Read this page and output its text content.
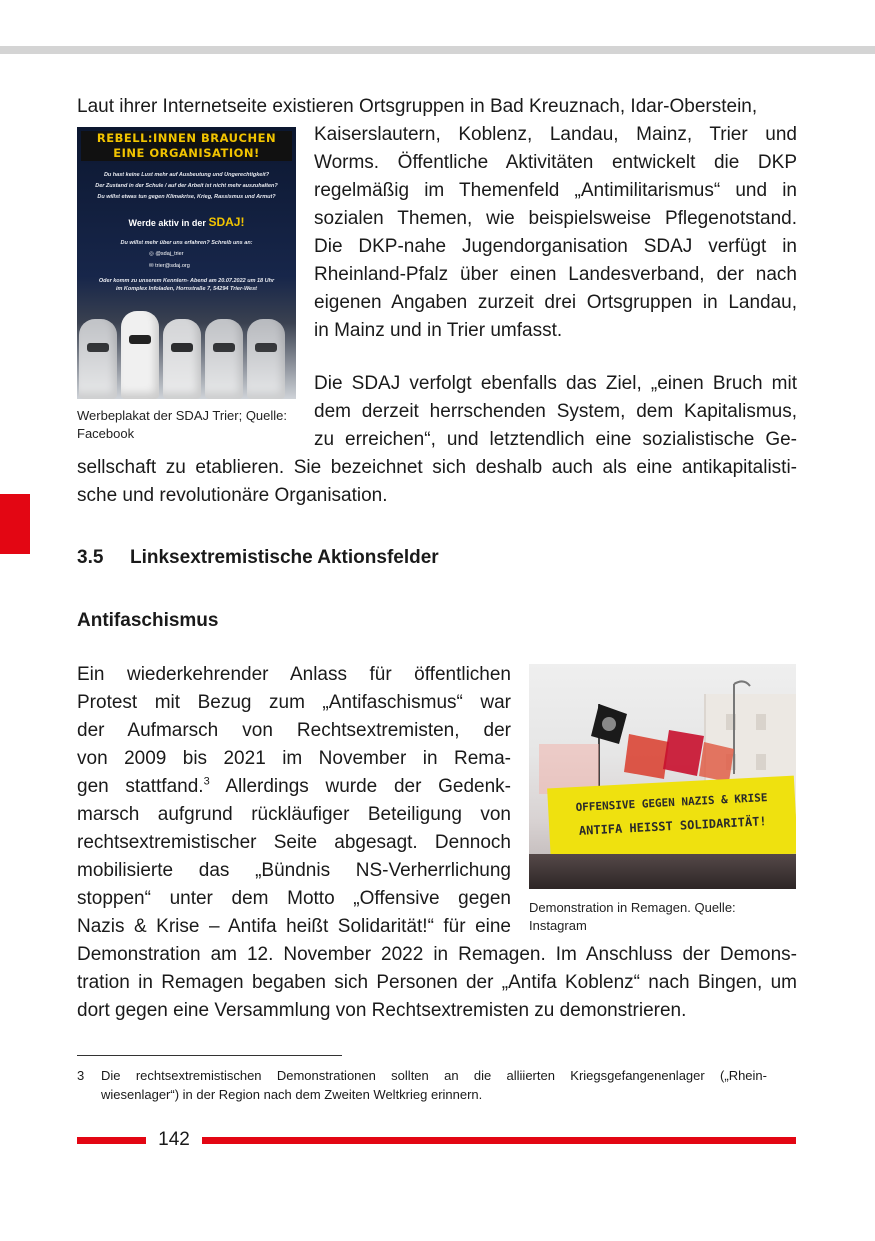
Laut ihrer Internetseite existieren Ortsgruppen in Bad Kreuznach, Idar-Oberstein,

REBELL:INNEN BRAUCHEN
EINE ORGANISATION!
Du hast keine Lust mehr auf Ausbeutung und Ungerechtigkeit?
Der Zustand in der Schule / auf der Arbeit ist nicht mehr auszuhalten?
Du willst etwas tun gegen Klimakrise, Krieg, Rassismus und Armut?
Werde aktiv in der SDAJ!
Du willst mehr über uns erfahren? Schreib uns an:
◎ @sdaj_trier
✉ trier@sdaj.org
Oder komm zu unserem Kennlern- Abend am 20.07.2022 um 18 Uhr
im Komplex Infoladen, Hornstraße 7, 54294 Trier-West
Kaiserslautern, Koblenz, Landau, Mainz, Trier und
Worms. Öffentliche Aktivitäten entwickelt die DKP
regelmäßig im Themenfeld „Antimilitarismus“ und in
sozialen Themen, wie beispielsweise Pflegenotstand.
Die DKP-nahe Jugendorganisation SDAJ verfügt in
Rheinland-Pfalz über einen Landesverband, der nach
eigenen Angaben zurzeit drei Ortsgruppen in Landau,
in Mainz und in Trier umfasst.
Die SDAJ verfolgt ebenfalls das Ziel, „einen Bruch mit
dem derzeit herrschenden System, dem Kapitalismus,
zu erreichen“, und letztendlich eine sozialistische Ge-
sellschaft zu etablieren. Sie bezeichnet sich deshalb auch als eine antikapitalisti-
sche und revolutionäre Organisation.

Werbeplakat der SDAJ Trier; Quelle:
Facebook

3.5 Linksextremistische Aktionsfelder
Antifaschismus
Ein wiederkehrender Anlass für öffentlichen
Protest mit Bezug zum „Antifaschismus“ war
der Aufmarsch von Rechtsextremisten, der
von 2009 bis 2021 im November in Rema-
gen stattfand.$^3$ Allerdings wurde der Gedenk-
marsch aufgrund rückläufiger Beteiligung von
rechtsextremistischer Seite abgesagt. Dennoch
mobilisierte das „Bündnis NS-Verherrlichung
stoppen“ unter dem Motto „Offensive gegen
Nazis & Krise – Antifa heißt Solidarität!“ für eine
Demonstration am 12. November 2022 in Remagen. Im Anschluss der Demons-
tration in Remagen begaben sich Personen der „Antifa Koblenz“ nach Bingen, um
dort gegen eine Versammlung von Rechtsextremisten zu demonstrieren.
OFFENSIVE GEGEN NAZIS & KRISE
ANTIFA HEISST SOLIDARITÄT!

Demonstration in Remagen. Quelle:
Instagram

3 Die rechtsextremistischen Demonstrationen sollten an die alliierten Kriegsgefangenenlager („Rhein-
wiesenlager“) in der Region nach dem Zweiten Weltkrieg erinnern.
142
